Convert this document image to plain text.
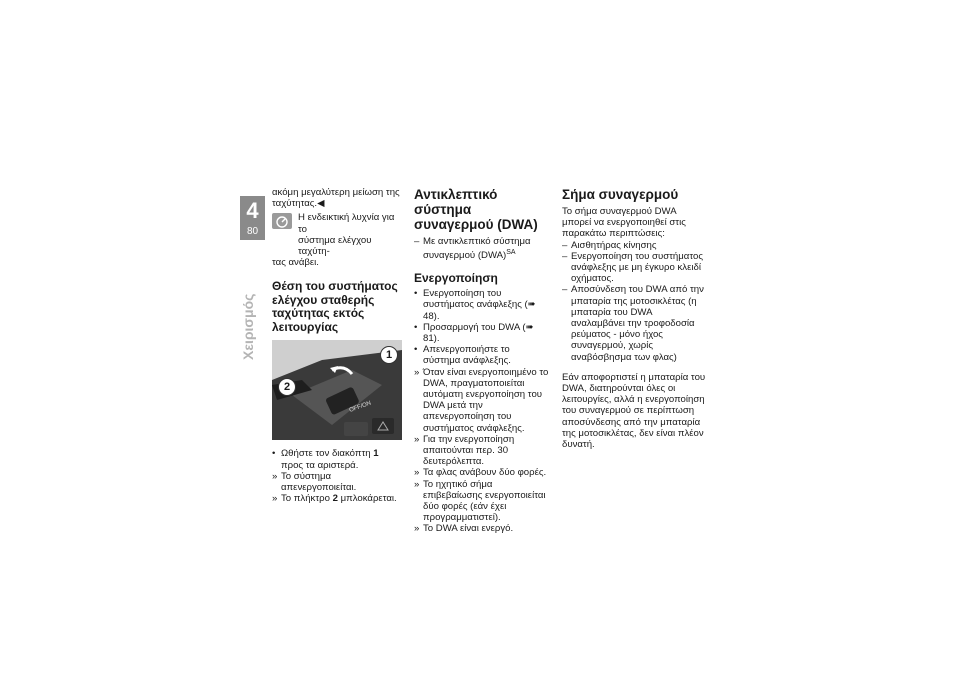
4
80
Χειρισμός

ακόμη μεγαλύτερη μείωση της ταχύτητας.◀

Η ενδεικτική λυχνία για το

σύστημα ελέγχου ταχύτη-

τας ανάβει.

Θέση του συστήματος ελέγχου σταθερής ταχύτητας εκτός λειτουργίας
OFF/ON
1
2

• Ωθήστε τον διακόπτη 1 προς τα αριστερά.

» Το σύστημα απενεργοποιείται.

» Το πλήκτρο 2 μπλοκάρεται.

Αντικλεπτικό σύστημα συναγερμού (DWA)

– Με αντικλεπτικό σύστημα συναγερμού (DWA)$^{SA}$

Ενεργοποίηση

• Ενεργοποίηση του συστήματος ανάφλεξης (➠ 48).

• Προσαρμογή του DWA (➠ 81).

• Απενεργοποιήστε το σύστημα ανάφλεξης.

» Όταν είναι ενεργοποιημένο το DWA, πραγματοποιείται αυτόματη ενεργοποίηση του DWA μετά την απενεργοποίηση του συστήματος ανάφλεξης.

» Για την ενεργοποίηση απαιτούνται περ. 30 δευτερόλεπτα.

» Τα φλας ανάβουν δύο φορές.

» Το ηχητικό σήμα επιβεβαίωσης ενεργοποιείται δύο φορές (εάν έχει προγραμματιστεί).

» Το DWA είναι ενεργό.

Σήμα συναγερμού

Το σήμα συναγερμού DWA μπορεί να ενεργοποιηθεί στις παρακάτω περιπτώσεις:

– Αισθητήρας κίνησης

– Ενεργοποίηση του συστήματος ανάφλεξης με μη έγκυρο κλειδί οχήματος.

– Αποσύνδεση του DWA από την μπαταρία της μοτοσικλέτας (η μπαταρία του DWA αναλαμβάνει την τροφοδοσία ρεύματος - μόνο ήχος συναγερμού, χωρίς αναβόσβησμα των φλας)

Εάν αποφορτιστεί η μπαταρία του DWA, διατηρούνται όλες οι λειτουργίες, αλλά η ενεργοποίηση του συναγερμού σε περίπτωση αποσύνδεσης από την μπαταρία της μοτοσικλέτας, δεν είναι πλέον δυνατή.
